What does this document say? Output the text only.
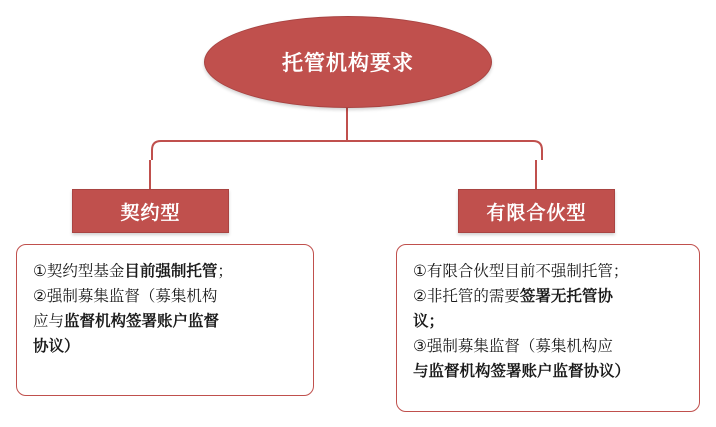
托管机构要求
契约型	有限合伙型
①契约型基金目前强制托管；
②强制募集监督（募集机构
应与监督机构签署账户监督
协议）
①有限合伙型目前不强制托管；
②非托管的需要签署无托管协
议；
③强制募集监督（募集机构应
与监督机构签署账户监督协议）
